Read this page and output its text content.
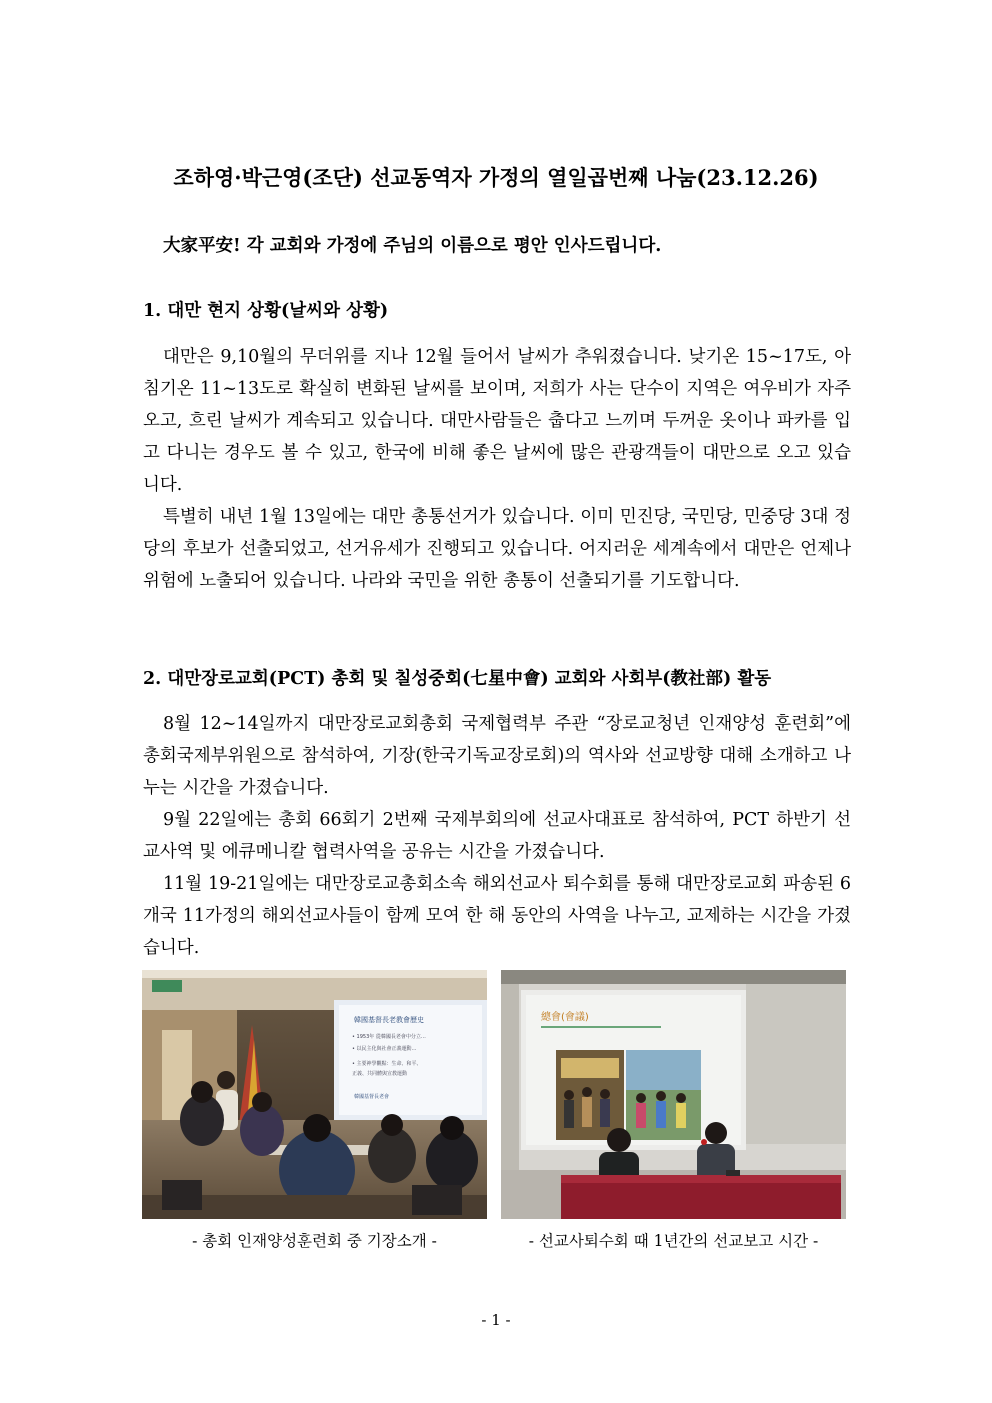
조하영·박근영(조단) 선교동역자 가정의 열일곱번째 나눔(23.12.26)
大家平安! 각 교회와 가정에 주님의 이름으로 평안 인사드립니다.
1. 대만 현지 상황(날씨와 상황)

대만은 9,10월의 무더위를 지나 12월 들어서 날씨가 추워졌습니다. 낮기온 15~17도, 아침기온 11~13도로 확실히 변화된 날씨를 보이며, 저희가 사는 단수이 지역은 여우비가 자주 오고, 흐린 날씨가 계속되고 있습니다. 대만사람들은 춥다고 느끼며 두꺼운 옷이나 파카를 입고 다니는 경우도 볼 수 있고, 한국에 비해 좋은 날씨에 많은 관광객들이 대만으로 오고 있습니다.

특별히 내년 1월 13일에는 대만 총통선거가 있습니다. 이미 민진당, 국민당, 민중당 3대 정당의 후보가 선출되었고, 선거유세가 진행되고 있습니다. 어지러운 세계속에서 대만은 언제나 위험에 노출되어 있습니다. 나라와 국민을 위한 총통이 선출되기를 기도합니다.

2. 대만장로교회(PCT) 총회 및 칠성중회(七星中會) 교회와 사회부(教社部) 활동

8월 12~14일까지 대만장로교회총회 국제협력부 주관 “장로교청년 인재양성 훈련회”에 총회국제부위원으로 참석하여, 기장(한국기독교장로회)의 역사와 선교방향 대해 소개하고 나누는 시간을 가졌습니다.

9월 22일에는 총회 66회기 2번째 국제부회의에 선교사대표로 참석하여, PCT 하반기 선교사역 및 에큐메니칼 협력사역을 공유는 시간을 가졌습니다.

11월 19-21일에는 대만장로교총회소속 해외선교사 퇴수회를 통해 대만장로교회 파송된 6개국 11가정의 해외선교사들이 함께 모여 한 해 동안의 사역을 나누고, 교제하는 시간을 가졌습니다.

韓國基督長老教會歷史
• 1953年 從韓國長老會中分立…
• 以民主化與社會正義運動…
• 主要神學觀點：生命、和平、
正義、共同體與宣教運動
韓國基督長老會
- 총회 인재양성훈련회 중 기장소개 -
總會(會議)
- 선교사퇴수회 때 1년간의 선교보고 시간 -
- 1 -
